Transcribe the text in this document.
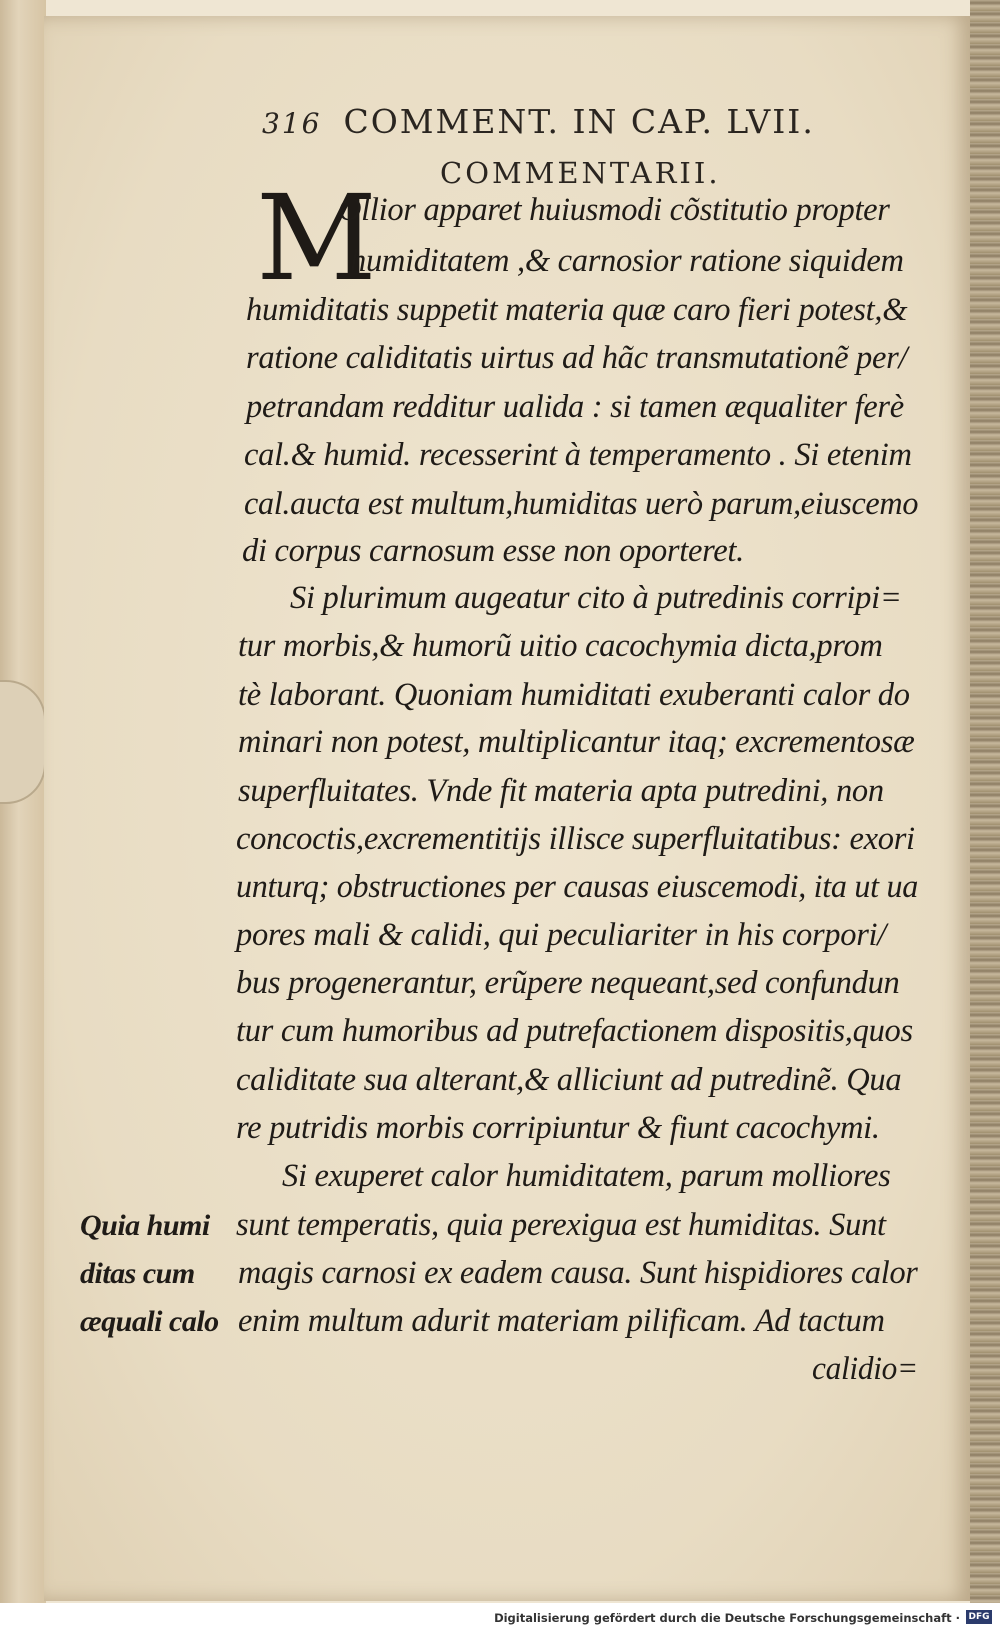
316 COMMENT. IN CAP. LVII.
COMMENTARII.
M
Ollior apparet huiusmodi cõstitutio propter
humiditatem ,& carnosior ratione siquidem
humiditatis suppetit materia quæ caro fieri potest,&
ratione caliditatis uirtus ad hãc transmutationẽ per/
petrandam redditur ualida : si tamen æqualiter ferè
cal.& humid. recesserint à temperamento . Si etenim
cal.aucta est multum,humiditas uerò parum,eiuscemo
di corpus carnosum esse non oporteret.
Si plurimum augeatur cito à putredinis corripi=
tur morbis,& humorũ uitio cacochymia dicta,prom
tè laborant. Quoniam humiditati exuberanti calor do
minari non potest, multiplicantur itaq; excrementosæ
superfluitates. Vnde fit materia apta putredini, non
concoctis,excrementitijs illisce superfluitatibus: exori
unturq; obstructiones per causas eiuscemodi, ita ut ua
pores mali & calidi, qui peculiariter in his corpori/
bus progenerantur, erũpere nequeant,sed confundun
tur cum humoribus ad putrefactionem dispositis,quos
caliditate sua alterant,& alliciunt ad putredinẽ. Qua
re putridis morbis corripiuntur & fiunt cacochymi.
Si exuperet calor humiditatem, parum molliores
sunt temperatis, quia perexigua est humiditas. Sunt
magis carnosi ex eadem causa. Sunt hispidiores calor
enim multum adurit materiam pilificam. Ad tactum
calidio=
Quia humi
ditas cum
æquali calo
Digitalisierung gefördert durch die Deutsche Forschungsgemeinschaft · DFG
